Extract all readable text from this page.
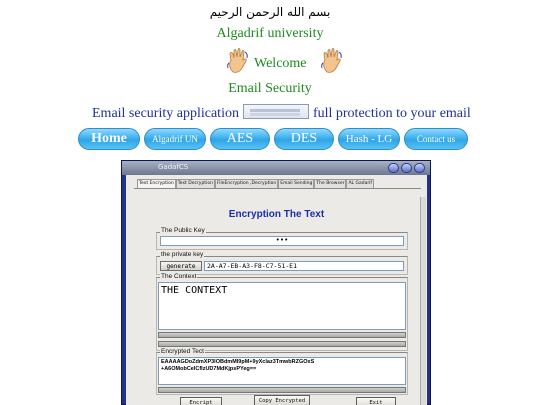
بسم الله الرحمن الرحيم
Algadrif university
Welcome
Email Security
Email security application	full protection to your email
Home	Algadrif UN	AES	DES	Hash - LG	Contact us
GadafCS
Text Encryption Text Decryption FileEncryption ,Decryption Email Sending The Browser AL Gadarif
Encryption The Text
The Public Key
•••
the private key
generate	2A-A7-EB-A3-F8-C7-51-E1
The Context
THE CONTEXT
Encrypted Tect
EAAAAGDoZdmXP3IOBdmMl9pM+9yXclaz3TmwbRZGOxS
+A6OMobCeICfIzUD7MdKjpsPYeg==
Encript	Copy Encrypted	Exit
